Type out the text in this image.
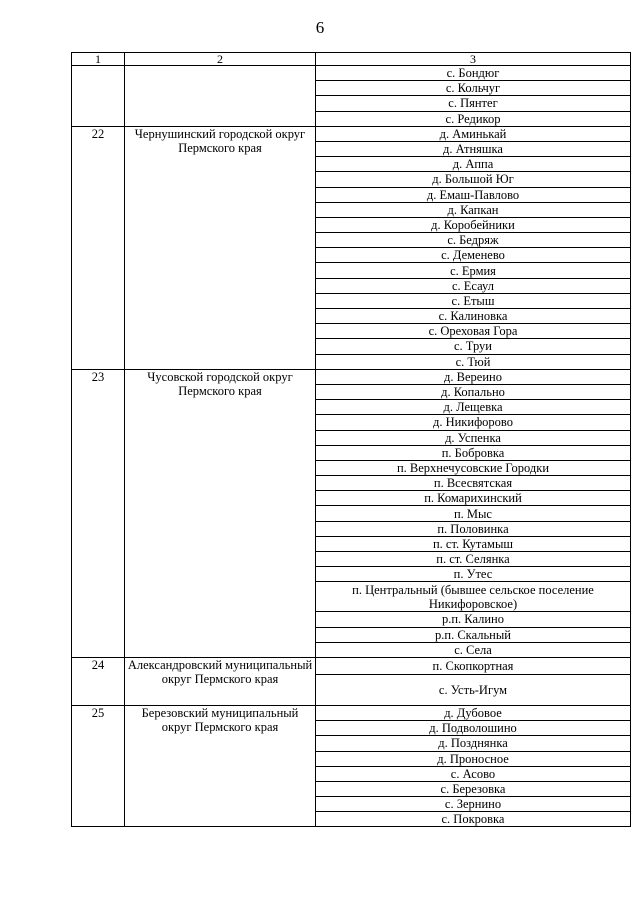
6
1	2	3
		с. Бондюг
		с. Кольчуг
		с. Пянтег
		с. Редикор
22	Чернушинский городской округ Пермского края	д. Аминькай
		д. Атняшка
		д. Аппа
		д. Большой Юг
		д. Емаш-Павлово
		д. Капкан
		д. Коробейники
		с. Бедряж
		с. Деменево
		с. Ермия
		с. Есаул
		с. Етыш
		с. Калиновка
		с. Ореховая Гора
		с. Труи
		с. Тюй
23	Чусовской городской округ Пермского края	д. Вереино
		д. Копально
		д. Лещевка
		д. Никифорово
		д. Успенка
		п. Бобровка
		п. Верхнечусовские Городки
		п. Всесвятская
		п. Комарихинский
		п. Мыс
		п. Половинка
		п. ст. Кутамыш
		п. ст. Селянка
		п. Утес
		п. Центральный (бывшее сельское поселение Никифоровское)
		р.п. Калино
		р.п. Скальный
		с. Села
24	Александровский муниципальный округ Пермского края	п. Скопкортная
		с. Усть-Игум
25	Березовский муниципальный округ Пермского края	д. Дубовое
		д. Подволошино
		д. Позднянка
		д. Проносное
		с. Асово
		с. Березовка
		с. Зернино
		с. Покровка
